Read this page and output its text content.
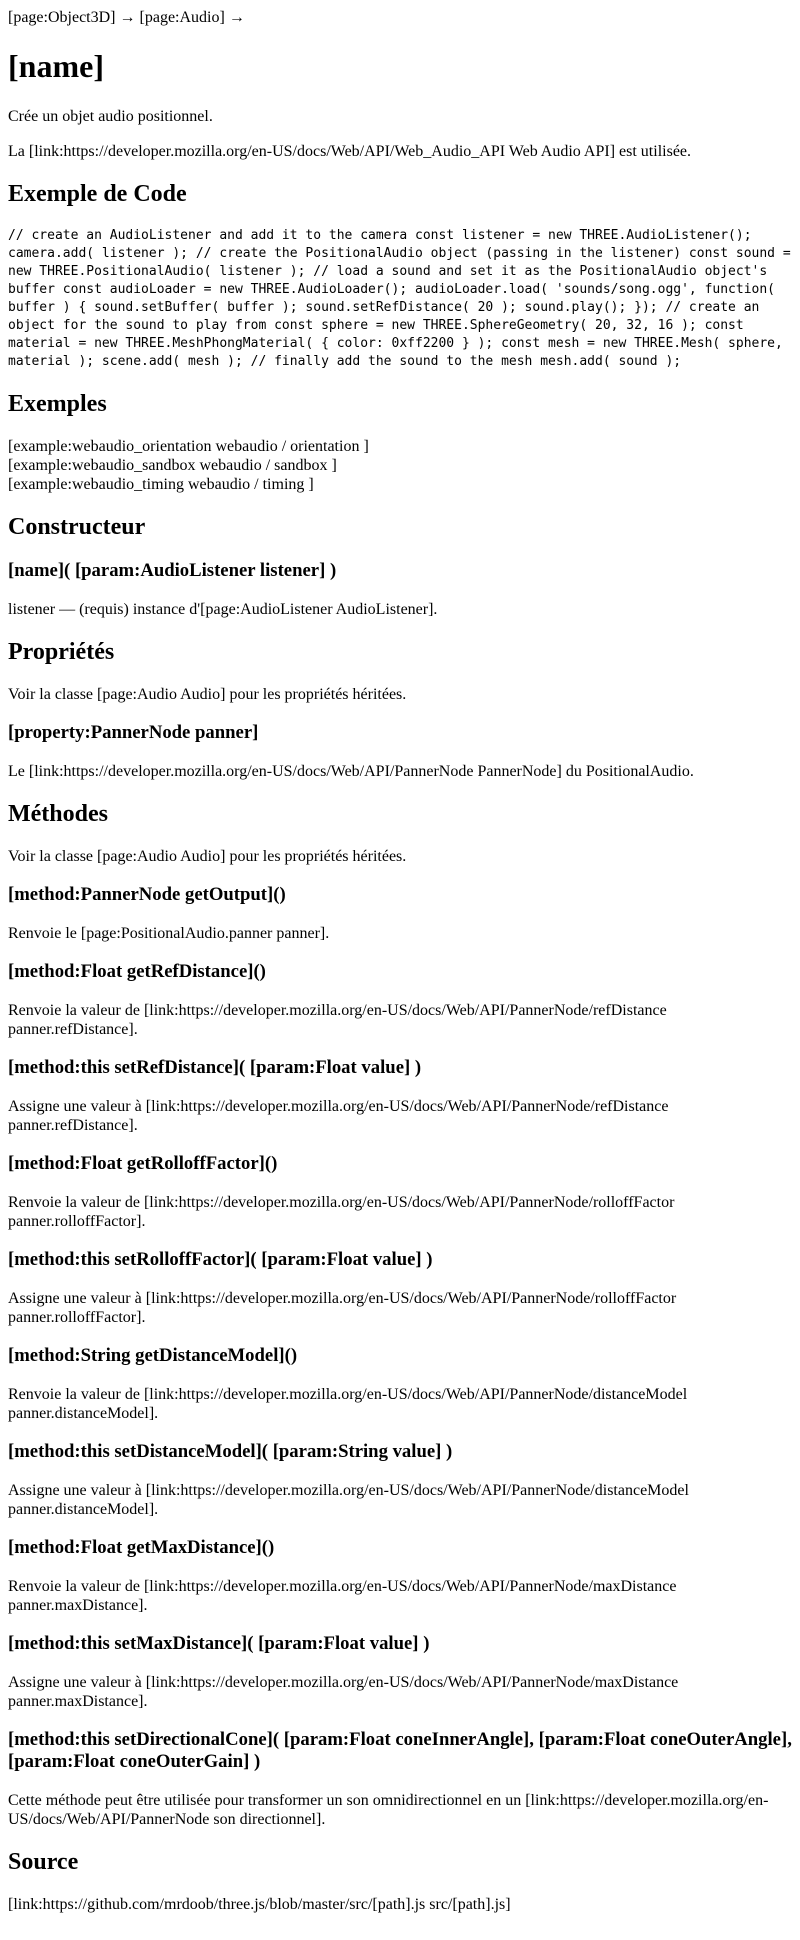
[page:Object3D] → [page:Audio] →
[name]

Crée un objet audio positionnel.

La [link:https://developer.mozilla.org/en-US/docs/Web/API/Web_Audio_API Web Audio API] est utilisée.

Exemple de Code
// create an AudioListener and add it to the camera const listener = new THREE.AudioListener(); camera.add( listener ); // create the PositionalAudio object (passing in the listener) const sound = new THREE.PositionalAudio( listener ); // load a sound and set it as the PositionalAudio object's buffer const audioLoader = new THREE.AudioLoader(); audioLoader.load( 'sounds/song.ogg', function( buffer ) { sound.setBuffer( buffer ); sound.setRefDistance( 20 ); sound.play(); }); // create an object for the sound to play from const sphere = new THREE.SphereGeometry( 20, 32, 16 ); const material = new THREE.MeshPhongMaterial( { color: 0xff2200 } ); const mesh = new THREE.Mesh( sphere, material ); scene.add( mesh ); // finally add the sound to the mesh mesh.add( sound );
Exemples
[example:webaudio_orientation webaudio / orientation ]
[example:webaudio_sandbox webaudio / sandbox ]
[example:webaudio_timing webaudio / timing ]
Constructeur
[name]( [param:AudioListener listener] )

listener — (requis) instance d'[page:AudioListener AudioListener].

Propriétés

Voir la classe [page:Audio Audio] pour les propriétés héritées.

[property:PannerNode panner]

Le [link:https://developer.mozilla.org/en-US/docs/Web/API/PannerNode PannerNode] du PositionalAudio.

Méthodes

Voir la classe [page:Audio Audio] pour les propriétés héritées.

[method:PannerNode getOutput]()

Renvoie le [page:PositionalAudio.panner panner].

[method:Float getRefDistance]()

Renvoie la valeur de [link:https://developer.mozilla.org/en-US/docs/Web/API/PannerNode/refDistance panner.refDistance].

[method:this setRefDistance]( [param:Float value] )

Assigne une valeur à [link:https://developer.mozilla.org/en-US/docs/Web/API/PannerNode/refDistance panner.refDistance].

[method:Float getRolloffFactor]()

Renvoie la valeur de [link:https://developer.mozilla.org/en-US/docs/Web/API/PannerNode/rolloffFactor panner.rolloffFactor].

[method:this setRolloffFactor]( [param:Float value] )

Assigne une valeur à [link:https://developer.mozilla.org/en-US/docs/Web/API/PannerNode/rolloffFactor panner.rolloffFactor].

[method:String getDistanceModel]()

Renvoie la valeur de [link:https://developer.mozilla.org/en-US/docs/Web/API/PannerNode/distanceModel panner.distanceModel].

[method:this setDistanceModel]( [param:String value] )

Assigne une valeur à [link:https://developer.mozilla.org/en-US/docs/Web/API/PannerNode/distanceModel panner.distanceModel].

[method:Float getMaxDistance]()

Renvoie la valeur de [link:https://developer.mozilla.org/en-US/docs/Web/API/PannerNode/maxDistance panner.maxDistance].

[method:this setMaxDistance]( [param:Float value] )

Assigne une valeur à [link:https://developer.mozilla.org/en-US/docs/Web/API/PannerNode/maxDistance panner.maxDistance].

[method:this setDirectionalCone]( [param:Float coneInnerAngle], [param:Float coneOuterAngle], [param:Float coneOuterGain] )

Cette méthode peut être utilisée pour transformer un son omnidirectionnel en un [link:https://developer.mozilla.org/en-US/docs/Web/API/PannerNode son directionnel].

Source

[link:https://github.com/mrdoob/three.js/blob/master/src/[path].js src/[path].js]
